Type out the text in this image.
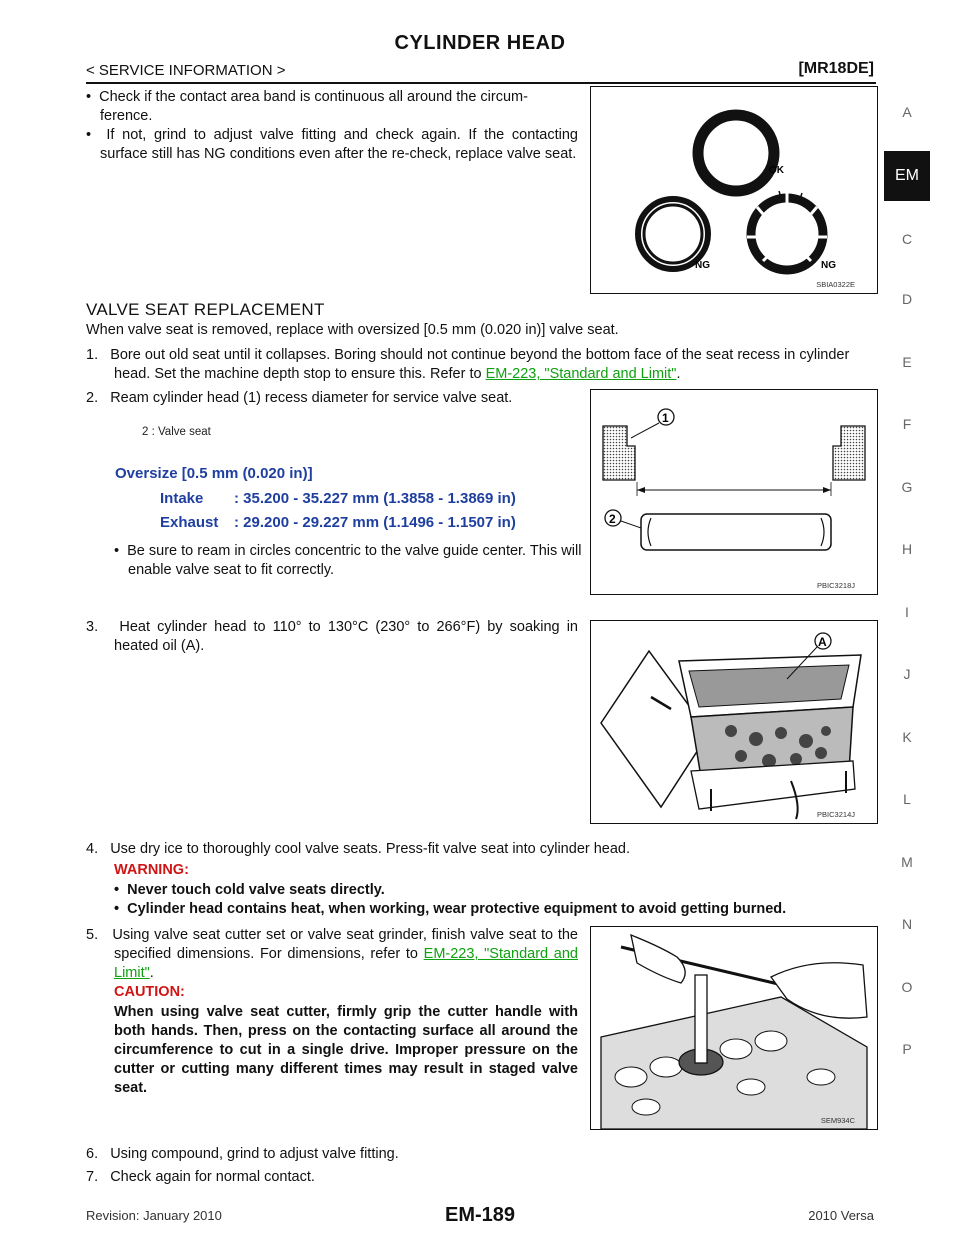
CYLINDER HEAD
< SERVICE INFORMATION >	[MR18DE]
A
EM
C
D
E
F
G
H
I
J
K
L
M
N
O
P
•  Check if the contact area band is continuous all around the circum-ference.
•  If not, grind to adjust valve fitting and check again. If the contacting surface still has NG conditions even after the re-check, replace valve seat.
OK
NG	NG
SBIA0322E
VALVE SEAT REPLACEMENT
When valve seat is removed, replace with oversized [0.5 mm (0.020 in)] valve seat.
1. Bore out old seat until it collapses. Boring should not continue beyond the bottom face of the seat recess in cylinder head. Set the machine depth stop to ensure this. Refer to EM-223, "Standard and Limit".
2. Ream cylinder head (1) recess diameter for service valve seat.
2 : Valve seat
Oversize [0.5 mm (0.020 in)]
Intake : 35.200 - 35.227 mm (1.3858 - 1.3869 in)
Exhaust : 29.200 - 29.227 mm (1.1496 - 1.1507 in)
•  Be sure to ream in circles concentric to the valve guide center. This will enable valve seat to fit correctly.
1
2
PBIC3218J
3. Heat cylinder head to 110° to 130°C (230° to 266°F) by soaking in heated oil (A).	A
PBIC3214J
4. Use dry ice to thoroughly cool valve seats. Press-fit valve seat into cylinder head.
WARNING:
•  Never touch cold valve seats directly.
•  Cylinder head contains heat, when working, wear protective equipment to avoid getting burned.
5. Using valve seat cutter set or valve seat grinder, finish valve seat to the specified dimensions. For dimensions, refer to EM-223, "Standard and Limit".
CAUTION:
When using valve seat cutter, firmly grip the cutter handle with both hands. Then, press on the contacting surface all around the circumference to cut in a single drive. Improper pressure on the cutter or cutting many different times may result in staged valve seat.
SEM934C
6. Using compound, grind to adjust valve fitting.
7. Check again for normal contact.
Revision: January 2010	EM-189	2010 Versa
